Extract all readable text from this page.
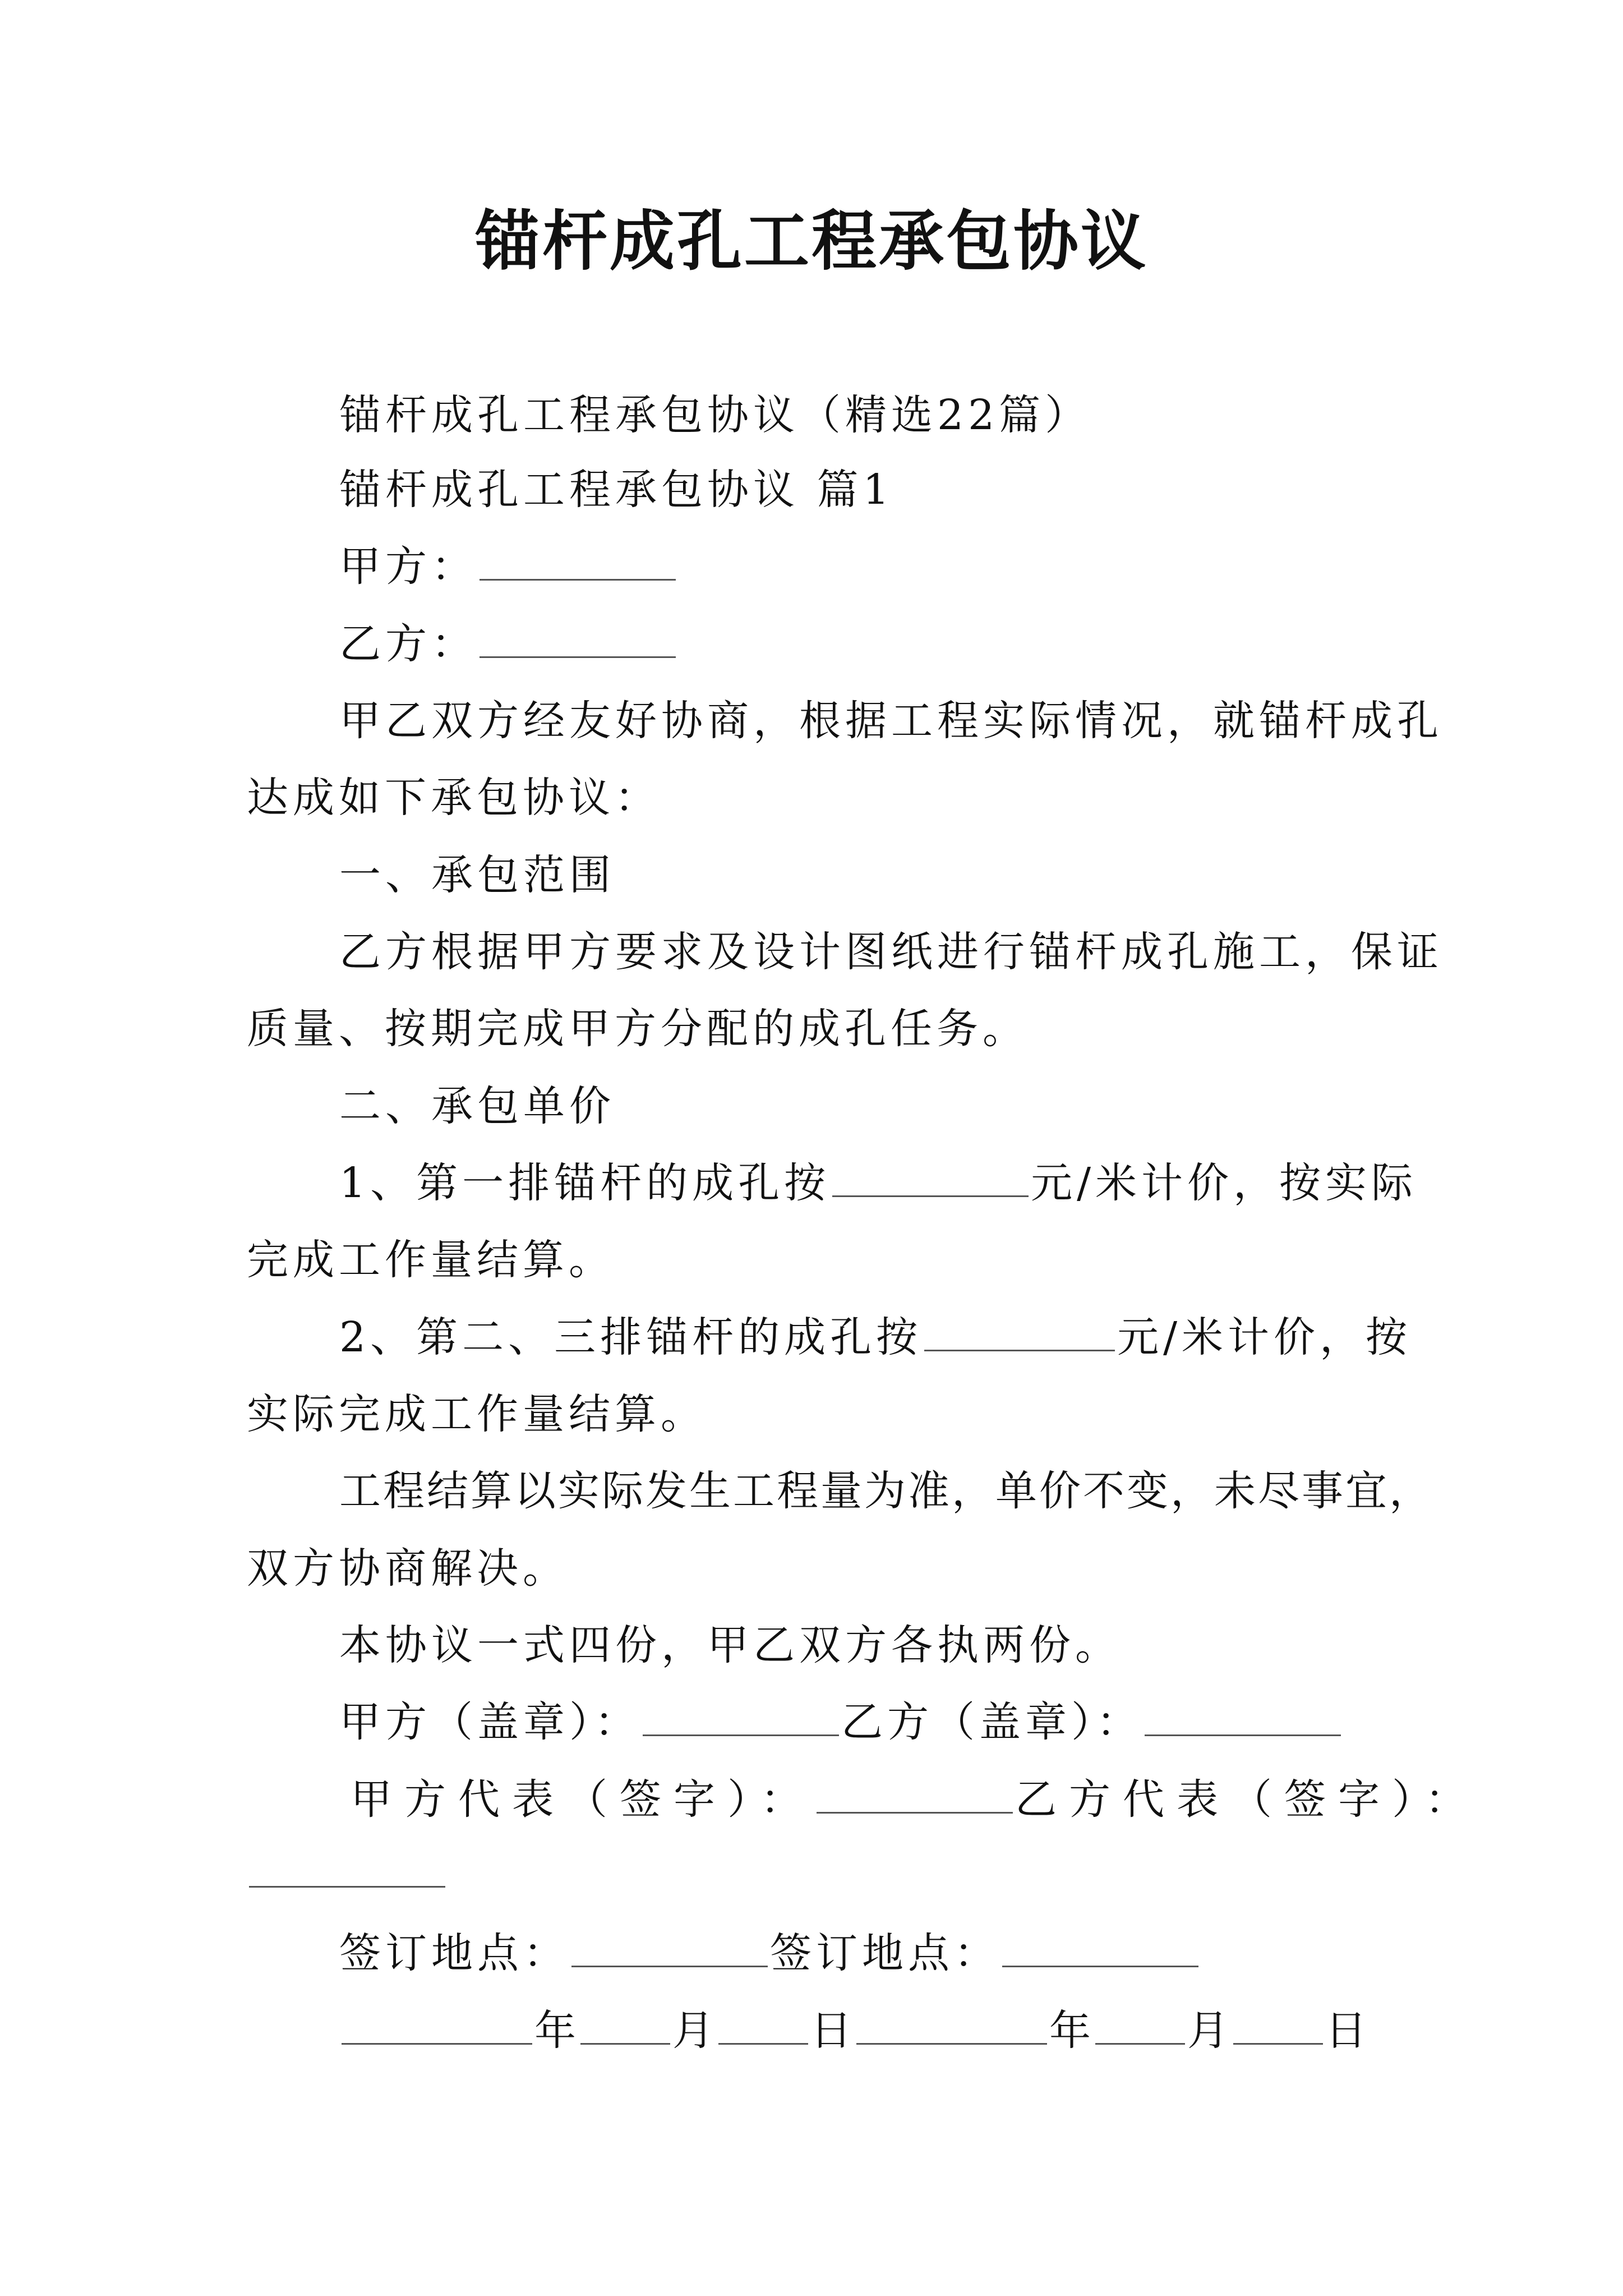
锚杆成孔工程承包协议
锚杆成孔工程承包协议（精选22篇）
锚杆成孔工程承包协议 篇1
甲方：
乙方：
甲乙双方经友好协商，根据工程实际情况，就锚杆成孔
达成如下承包协议：
一、承包范围
乙方根据甲方要求及设计图纸进行锚杆成孔施工，保证
质量、按期完成甲方分配的成孔任务。
二、承包单价
1、第一排锚杆的成孔按	元/米计价，按实际
完成工作量结算。
2、第二、三排锚杆的成孔按	元/米计价，按
实际完成工作量结算。
工程结算以实际发生工程量为准，单价不变，未尽事宜，
双方协商解决。
本协议一式四份，甲乙双方各执两份。
甲方（盖章）：	乙方（盖章）：
甲方代表（签字）：	乙方代表（签字）：
签订地点：	签订地点：
年 月 日	年 月 日
